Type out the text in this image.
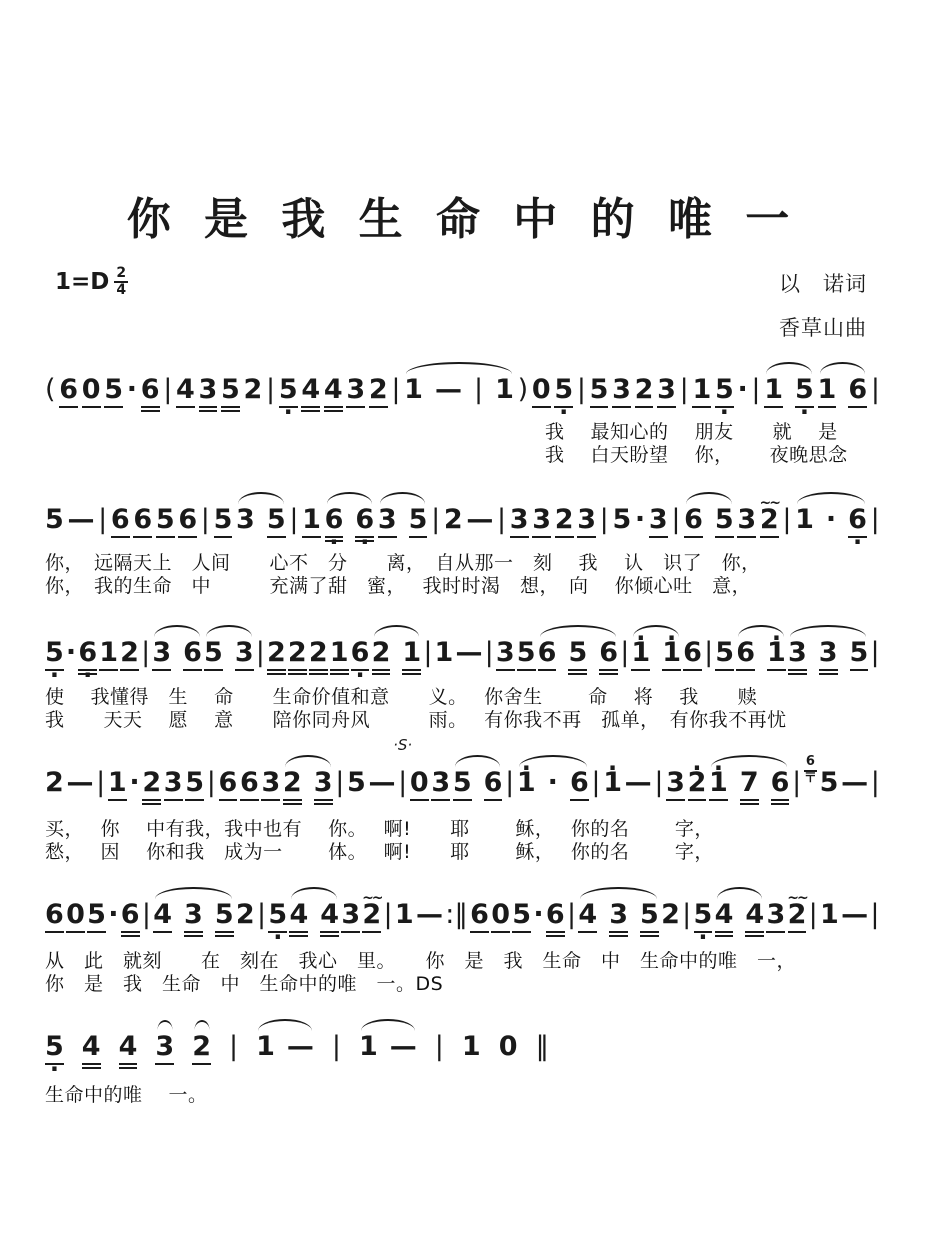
你 是 我 生 命 中 的 唯 一
$1=D \frac{2}{4}$	以　诺词
香草山曲
( 6 0 5 · 6 | 4 3 5 2 | 5 · 4 4 3 2 | 1 — | 1 ) 0 5 · | 5 3 2 3 | 1 5 · · | 1 5 · 1 6 |
我　 最知心的　 朋友　　就　 是
我　 白天盼望　 你，　　 夜晚思念
5 — | 6 6 5 6 | 5 3 5 | 1 6 · 6 · 3 5 | 2 — | 3 3 2 3 | 5 · 3 | 6 5 3 ~~ 2 | 1 · 6 · |
你，　远隔天上　人间　　心不　分　　离，　自从那一　刻　 我　 认　识了　你，
你，　我的生命　中　　　充满了甜　蜜，　 我时时渴　想，　向　 你倾心吐　意，
5 · · 6 · 1 2 | 3 6 5 3 | 2 2 2 1 6 · 2 1 | 1 — | 3 5 6 5 6 | · 1 · 1 6 | 5 6 · 1 3 3 5 |
使　 我懂得　生　 命　　生命价值和意　　义。　 你舍生　　 命　 将　 我　　赎
我　　天天　 愿　 意　　陪你同舟风　　　雨。　 有你我不再　孤单，　有你我不再忧
2 — | 1 · 2 3 5 | 6 6 3 2 3 | 5 — | ·S· 0 3 5 6 | · 1 · 6 | · 1 — | 3 · 2 · 1 7 6 | $\frac{6}{〒} 5$ — |
买，　 你　 中有我，我中也有　 你。　 啊!　　耶　　 稣，　 你的名　　 字，
愁，　 因　 你和我　成为一　　 体。　 啊!　　耶　　 稣，　 你的名　　 字，
6 0 5 · 6 | 4 3 5 2 | 5 · 4 4 3 ~~ 2 | 1 — :‖ 6 0 5 · 6 | 4 3 5 2 | 5 · 4 4 3 ~~ 2 | 1 — |
从　此　就刻　　在　刻在　我心　里。　　你　是　我　生命　中　生命中的唯　一，
你　是　我　生命　中　生命中的唯　一。DS
5 · 4 4 3 2 | 1 — | 1 — | 1 0 ‖
生命中的唯　 一。
